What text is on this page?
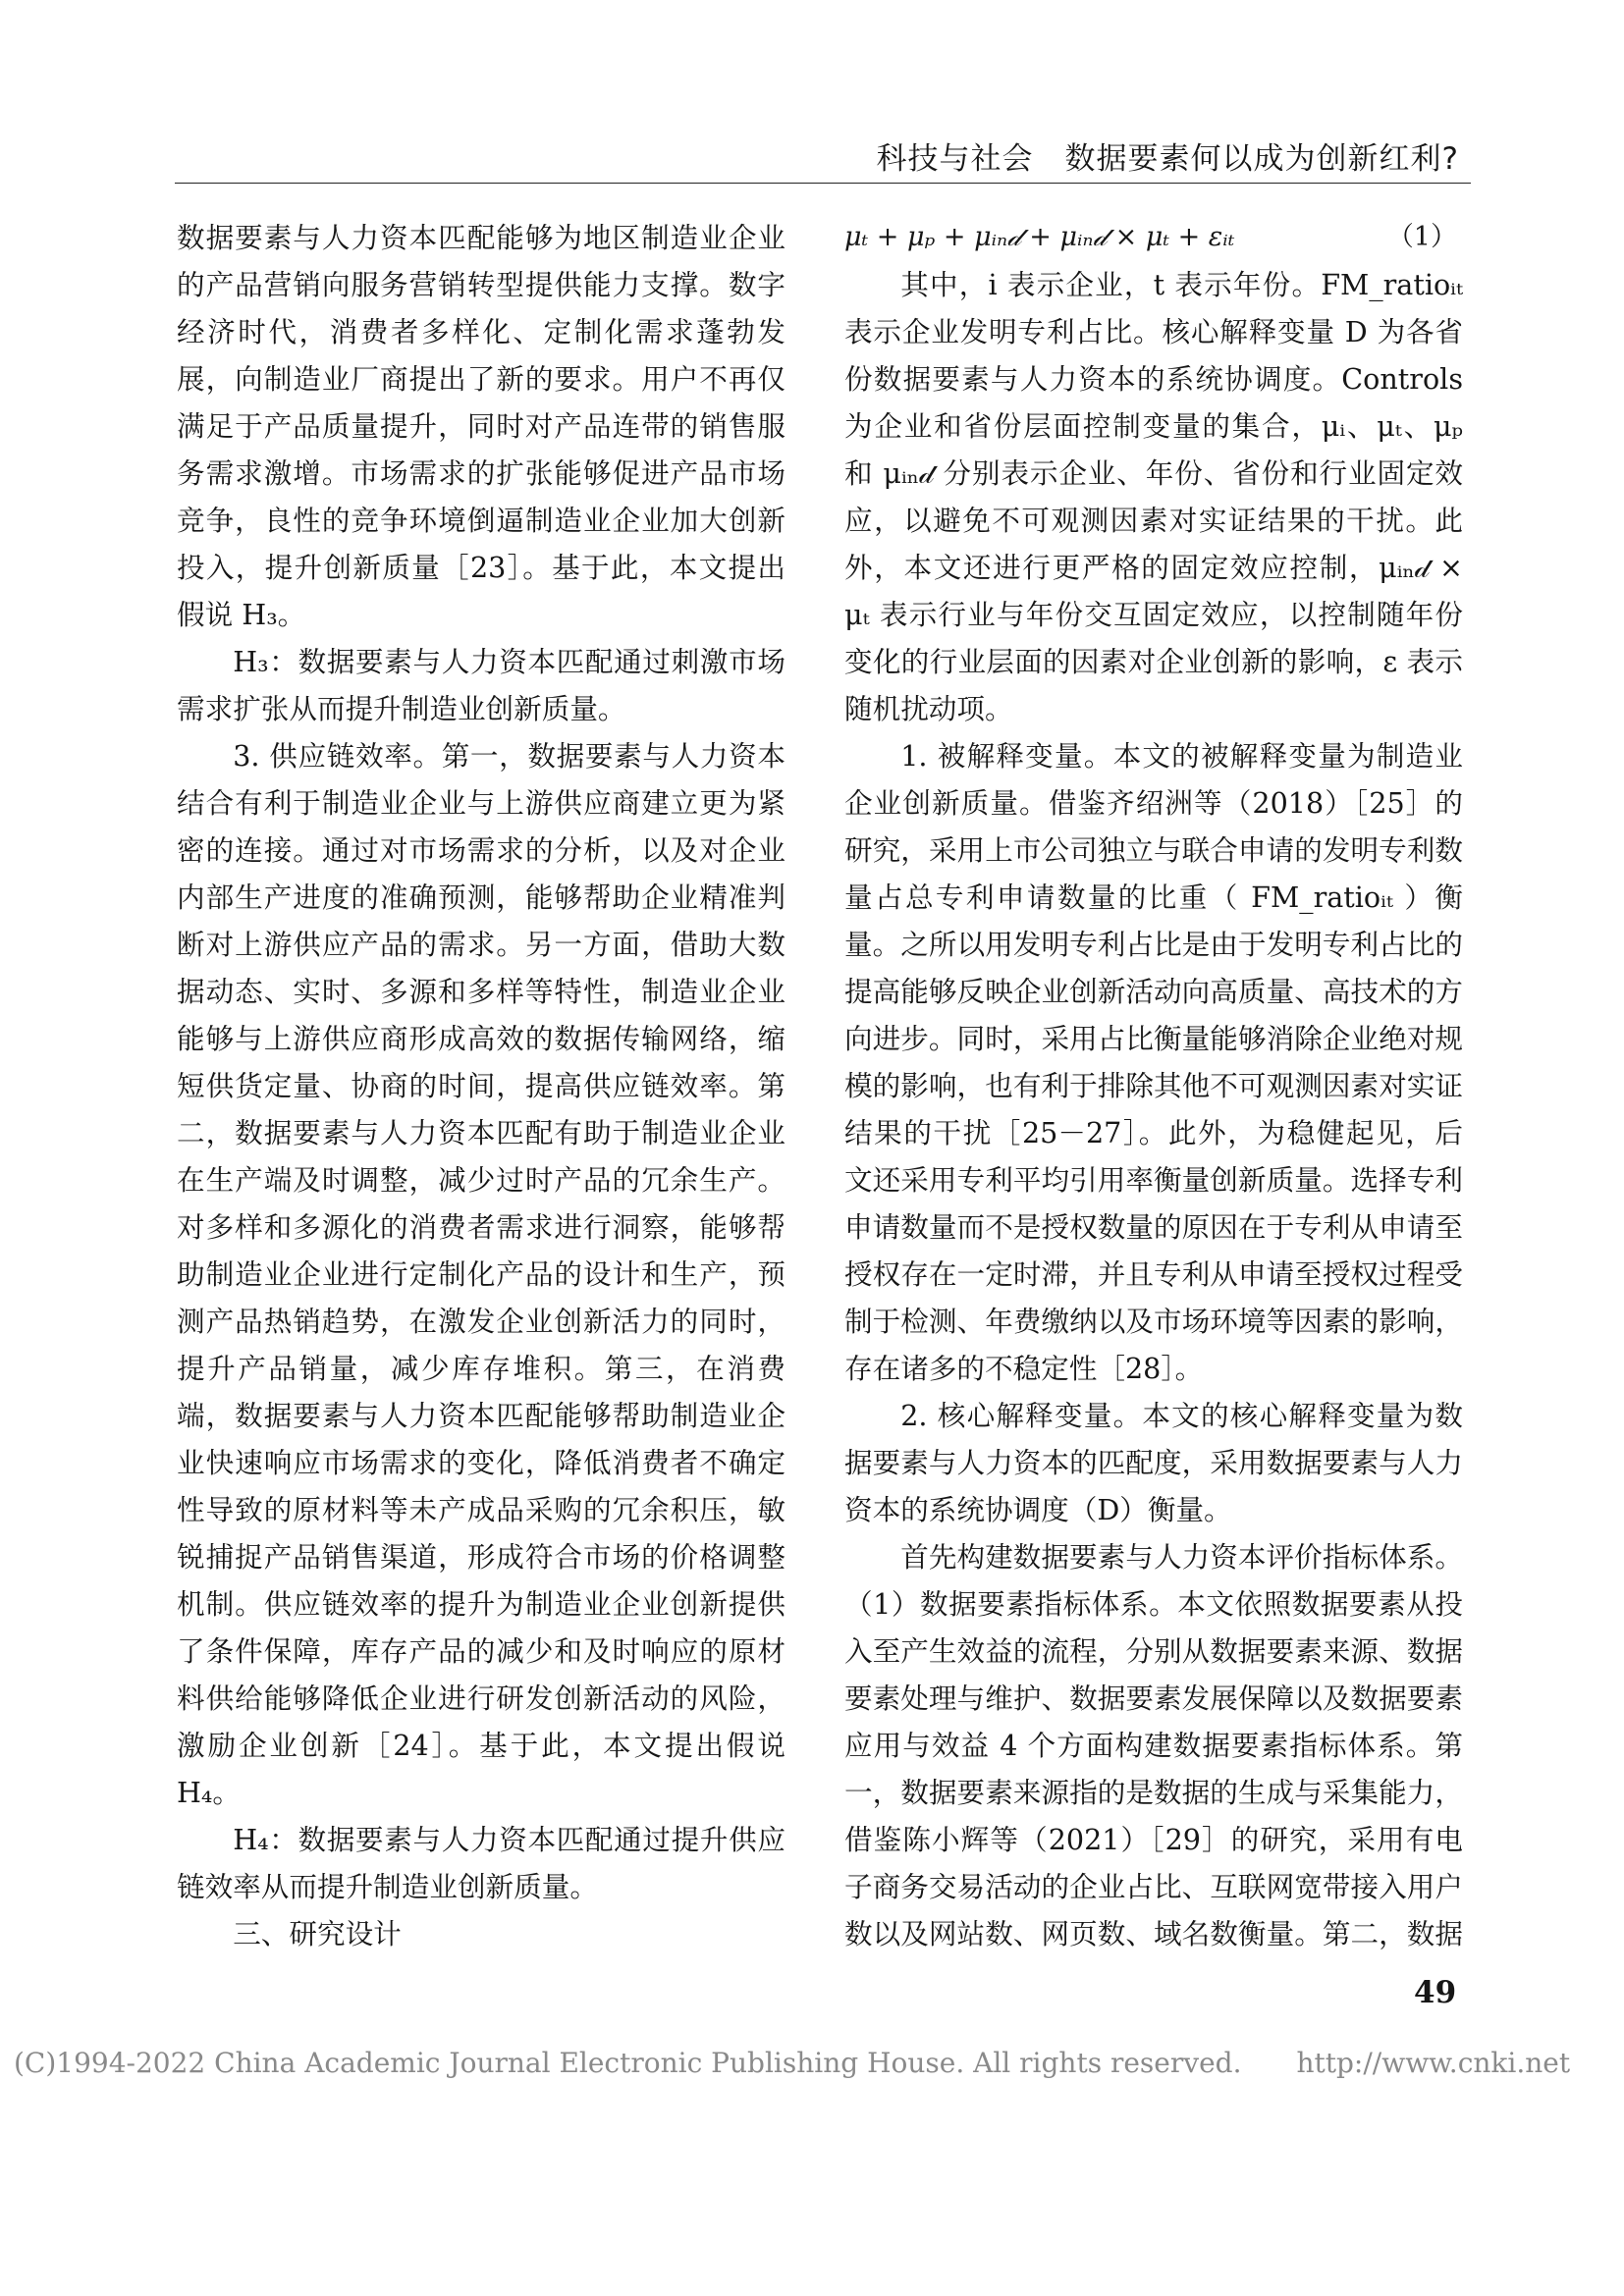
科技与社会　数据要素何以成为创新红利?

数据要素与人力资本匹配能够为地区制造业企业的产品营销向服务营销转型提供能力支撑。数字经济时代，消费者多样化、定制化需求蓬勃发展，向制造业厂商提出了新的要求。用户不再仅满足于产品质量提升，同时对产品连带的销售服务需求激增。市场需求的扩张能够促进产品市场竞争，良性的竞争环境倒逼制造业企业加大创新投入，提升创新质量［23］。基于此，本文提出假说 H₃。

H₃：数据要素与人力资本匹配通过刺激市场需求扩张从而提升制造业创新质量。

3. 供应链效率。第一，数据要素与人力资本结合有利于制造业企业与上游供应商建立更为紧密的连接。通过对市场需求的分析，以及对企业内部生产进度的准确预测，能够帮助企业精准判断对上游供应产品的需求。另一方面，借助大数据动态、实时、多源和多样等特性，制造业企业能够与上游供应商形成高效的数据传输网络，缩短供货定量、协商的时间，提高供应链效率。第二，数据要素与人力资本匹配有助于制造业企业在生产端及时调整，减少过时产品的冗余生产。对多样和多源化的消费者需求进行洞察，能够帮助制造业企业进行定制化产品的设计和生产，预测产品热销趋势，在激发企业创新活力的同时，提升产品销量，减少库存堆积。第三，在消费端，数据要素与人力资本匹配能够帮助制造业企业快速响应市场需求的变化，降低消费者不确定性导致的原材料等未产成品采购的冗余积压，敏锐捕捉产品销售渠道，形成符合市场的价格调整机制。供应链效率的提升为制造业企业创新提供了条件保障，库存产品的减少和及时响应的原材料供给能够降低企业进行研发创新活动的风险，激励企业创新［24］。基于此，本文提出假说 H₄。

H₄：数据要素与人力资本匹配通过提升供应链效率从而提升制造业创新质量。

三、研究设计

μₜ + μₚ + μᵢₙ𝒹 + μᵢₙ𝒹 × μₜ + εᵢₜ	（1）

其中，i 表示企业，t 表示年份。FM_ratioᵢₜ 表示企业发明专利占比。核心解释变量 D 为各省份数据要素与人力资本的系统协调度。Controls 为企业和省份层面控制变量的集合，μᵢ、μₜ、μₚ 和 μᵢₙ𝒹 分别表示企业、年份、省份和行业固定效应，以避免不可观测因素对实证结果的干扰。此外，本文还进行更严格的固定效应控制，μᵢₙ𝒹 × μₜ 表示行业与年份交互固定效应，以控制随年份变化的行业层面的因素对企业创新的影响，ε 表示随机扰动项。

1. 被解释变量。本文的被解释变量为制造业企业创新质量。借鉴齐绍洲等（2018）［25］的研究，采用上市公司独立与联合申请的发明专利数量占总专利申请数量的比重（ FM_ratioᵢₜ ）衡量。之所以用发明专利占比是由于发明专利占比的提高能够反映企业创新活动向高质量、高技术的方向进步。同时，采用占比衡量能够消除企业绝对规模的影响，也有利于排除其他不可观测因素对实证结果的干扰［25－27］。此外，为稳健起见，后文还采用专利平均引用率衡量创新质量。选择专利申请数量而不是授权数量的原因在于专利从申请至授权存在一定时滞，并且专利从申请至授权过程受制于检测、年费缴纳以及市场环境等因素的影响，存在诸多的不稳定性［28］。

2. 核心解释变量。本文的核心解释变量为数据要素与人力资本的匹配度，采用数据要素与人力资本的系统协调度（D）衡量。

首先构建数据要素与人力资本评价指标体系。（1）数据要素指标体系。本文依照数据要素从投入至产生效益的流程，分别从数据要素来源、数据要素处理与维护、数据要素发展保障以及数据要素应用与效益 4 个方面构建数据要素指标体系。第一，数据要素来源指的是数据的生成与采集能力，借鉴陈小辉等（2021）［29］的研究，采用有电子商务交易活动的企业占比、互联网宽带接入用户数以及网站数、网页数、域名数衡量。第二，数据

49
(C)1994-2022 China Academic Journal Electronic Publishing House. All rights reserved.　　http://www.cnki.net
